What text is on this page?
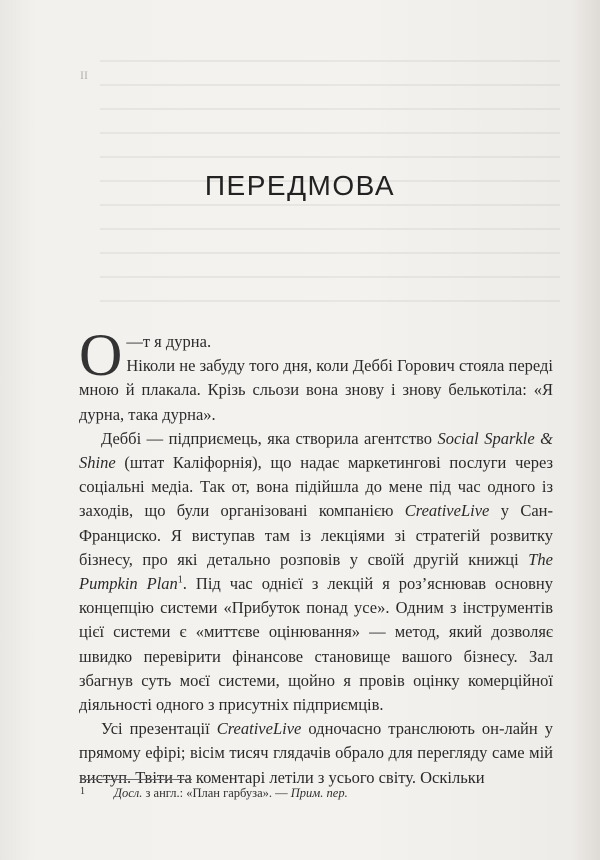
II
ПЕРЕДМОВА

—
О т я дурна.
Ніколи не забуду того дня, коли Деббі Горович стояла переді мною й плакала. Крізь сльози вона знову і знову белькотіла: «Я дурна, така дурна».

Деббі — підприємець, яка створила агентство Social Sparkle & Shine (штат Каліфорнія), що надає маркетингові послуги через соціальні медіа. Так от, вона підійшла до мене під час одного із заходів, що були організовані компанією CreativeLive у Сан-Франциско. Я виступав там із лекціями зі стратегій розвитку бізнесу, про які детально розповів у своїй другій книжці The Pumpkin Plan$^1$. Під час однієї з лекцій я роз’яснював основну концепцію системи «Прибуток понад усе». Одним з інструментів цієї системи є «миттєве оцінювання» — метод, який дозволяє швидко перевірити фінансове становище вашого бізнесу. Зал збагнув суть моєї системи, щойно я провів оцінку комерційної діяльності одного з присутніх підприємців.

Усі презентації CreativeLive одночасно транслюють он-лайн у прямому ефірі; вісім тисяч глядачів обрало для перегляду саме мій виступ. Твіти та коментарі летіли з усього світу. Оскільки

1 Досл. з англ.: «План гарбуза». — Прим. пер.
